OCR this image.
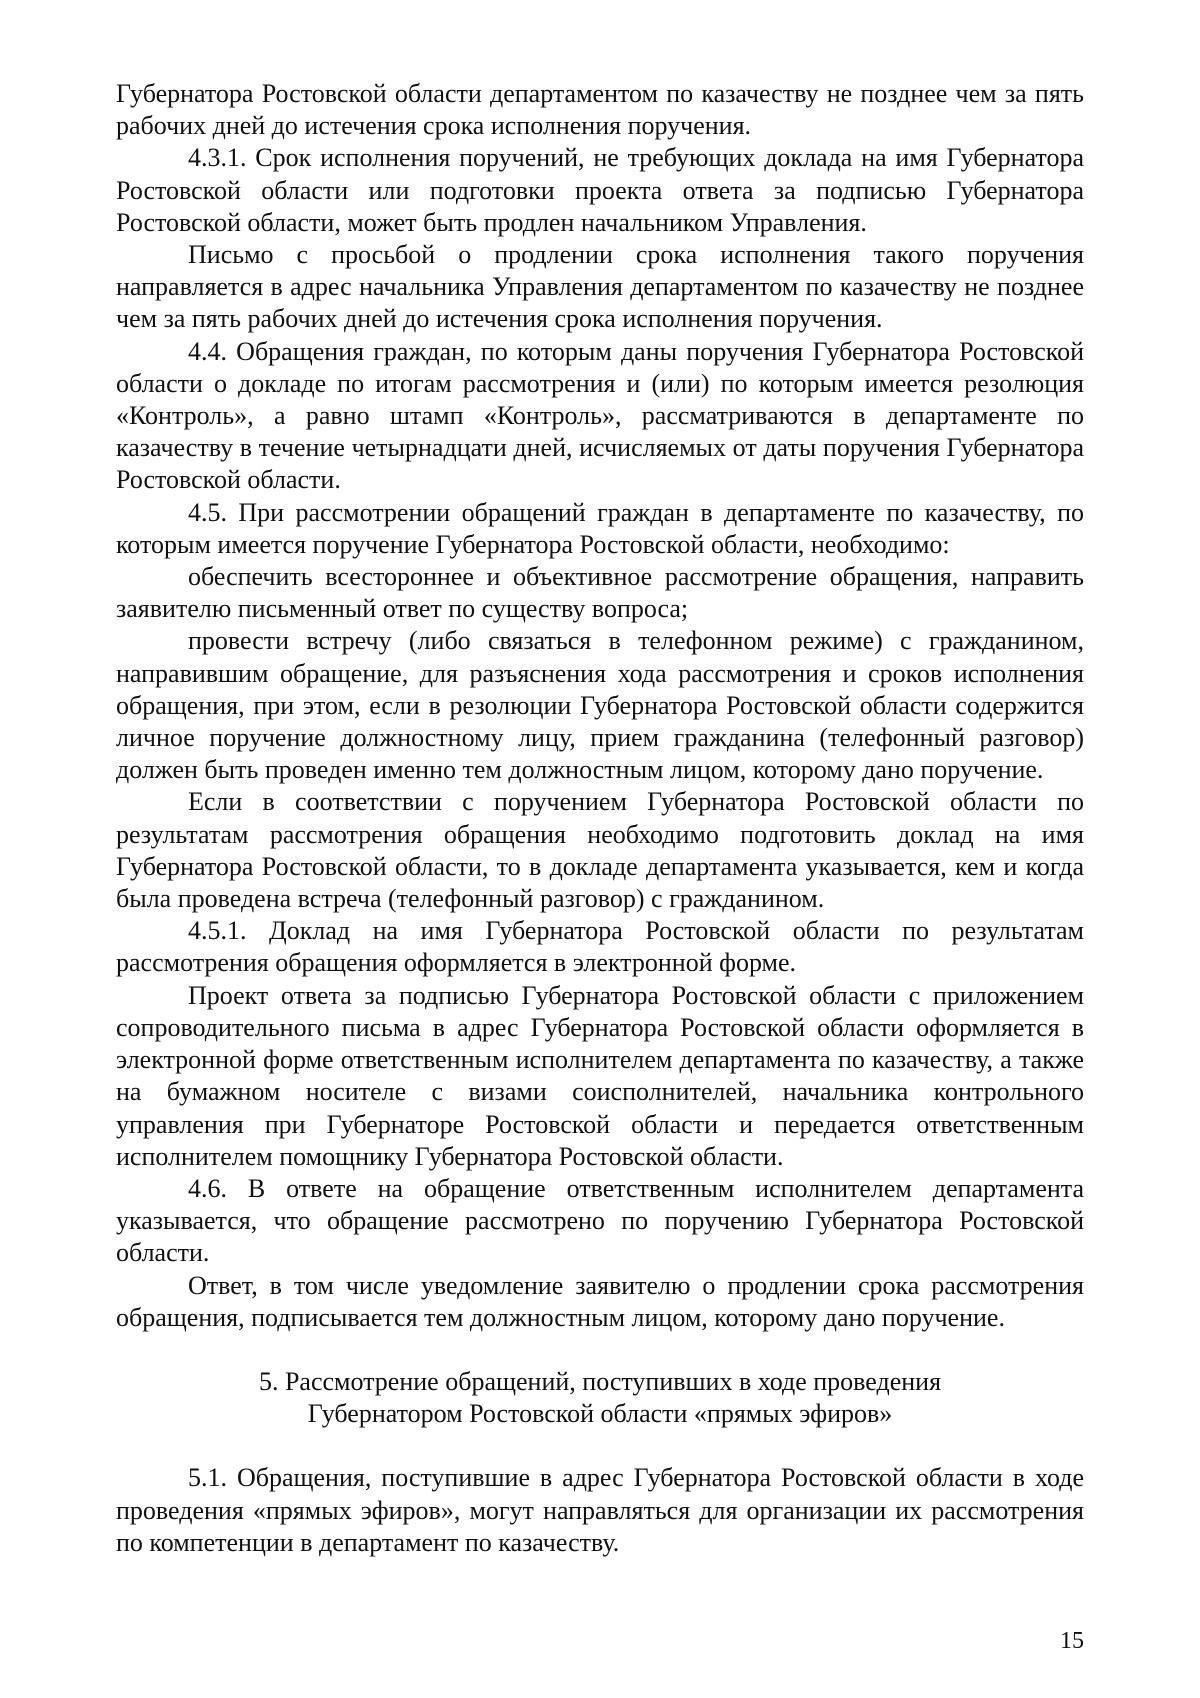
Губернатора Ростовской области департаментом по казачеству не позднее чем за пять рабочих дней до истечения срока исполнения поручения.

4.3.1. Срок исполнения поручений, не требующих доклада на имя Губернатора Ростовской области или подготовки проекта ответа за подписью Губернатора Ростовской области, может быть продлен начальником Управления.

Письмо с просьбой о продлении срока исполнения такого поручения направляется в адрес начальника Управления департаментом по казачеству не позднее чем за пять рабочих дней до истечения срока исполнения поручения.

4.4. Обращения граждан, по которым даны поручения Губернатора Ростовской области о докладе по итогам рассмотрения и (или) по которым имеется резолюция «Контроль», а равно штамп «Контроль», рассматриваются в департаменте по казачеству в течение четырнадцати дней, исчисляемых от даты поручения Губернатора Ростовской области.

4.5. При рассмотрении обращений граждан в департаменте по казачеству, по которым имеется поручение Губернатора Ростовской области, необходимо:

обеспечить всестороннее и объективное рассмотрение обращения, направить заявителю письменный ответ по существу вопроса;

провести встречу (либо связаться в телефонном режиме) с гражданином, направившим обращение, для разъяснения хода рассмотрения и сроков исполнения обращения, при этом, если в резолюции Губернатора Ростовской области содержится личное поручение должностному лицу, прием гражданина (телефонный разговор) должен быть проведен именно тем должностным лицом, которому дано поручение.

Если в соответствии с поручением Губернатора Ростовской области по результатам рассмотрения обращения необходимо подготовить доклад на имя Губернатора Ростовской области, то в докладе департамента указывается, кем и когда была проведена встреча (телефонный разговор) с гражданином.

4.5.1. Доклад на имя Губернатора Ростовской области по результатам рассмотрения обращения оформляется в электронной форме.

Проект ответа за подписью Губернатора Ростовской области с приложением сопроводительного письма в адрес Губернатора Ростовской области оформляется в электронной форме ответственным исполнителем департамента по казачеству, а также на бумажном носителе с визами соисполнителей, начальника контрольного управления при Губернаторе Ростовской области и передается ответственным исполнителем помощнику Губернатора Ростовской области.

4.6. В ответе на обращение ответственным исполнителем департамента указывается, что обращение рассмотрено по поручению Губернатора Ростовской области.

Ответ, в том числе уведомление заявителю о продлении срока рассмотрения обращения, подписывается тем должностным лицом, которому дано поручение.

5. Рассмотрение обращений, поступивших в ходе проведения
Губернатором Ростовской области «прямых эфиров»

5.1. Обращения, поступившие в адрес Губернатора Ростовской области в ходе проведения «прямых эфиров», могут направляться для организации их рассмотрения по компетенции в департамент по казачеству.

15
